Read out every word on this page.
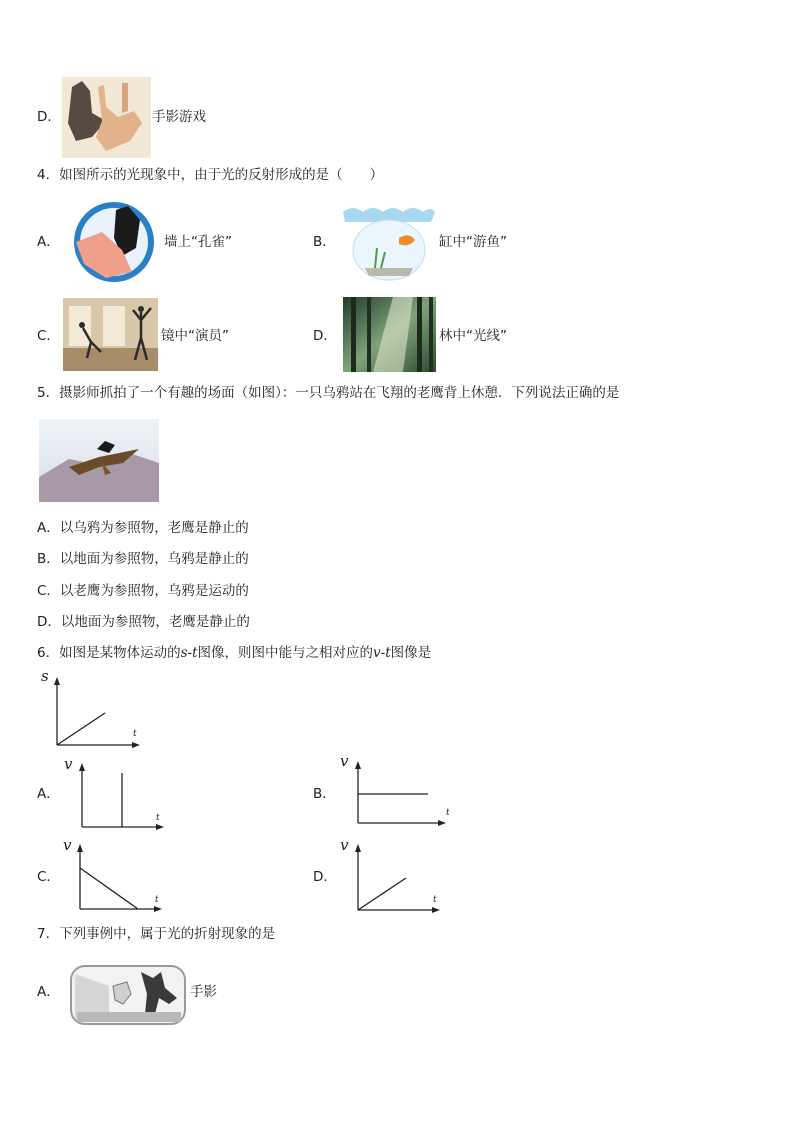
D．	手影游戏
4．如图所示的光现象中，由于光的反射形成的是（　　）
A．	墙上“孔雀”	B．	缸中“游鱼”
C．	镜中“演员”	D．	林中“光线”
5．摄影师抓拍了一个有趣的场面（如图）：一只乌鸦站在飞翔的老鹰背上休憩．下列说法正确的是
A．以乌鸦为参照物，老鹰是静止的
B．以地面为参照物，乌鸦是静止的
C．以老鹰为参照物，乌鸦是运动的
D．以地面为参照物，老鹰是静止的
6．如图是某物体运动的s-t图像，则图中能与之相对应的v-t图像是
s
t
A．
v
t
B．
v
t
C．
v
t
D．
v
t
7．下列事例中，属于光的折射现象的是
A．	手影
